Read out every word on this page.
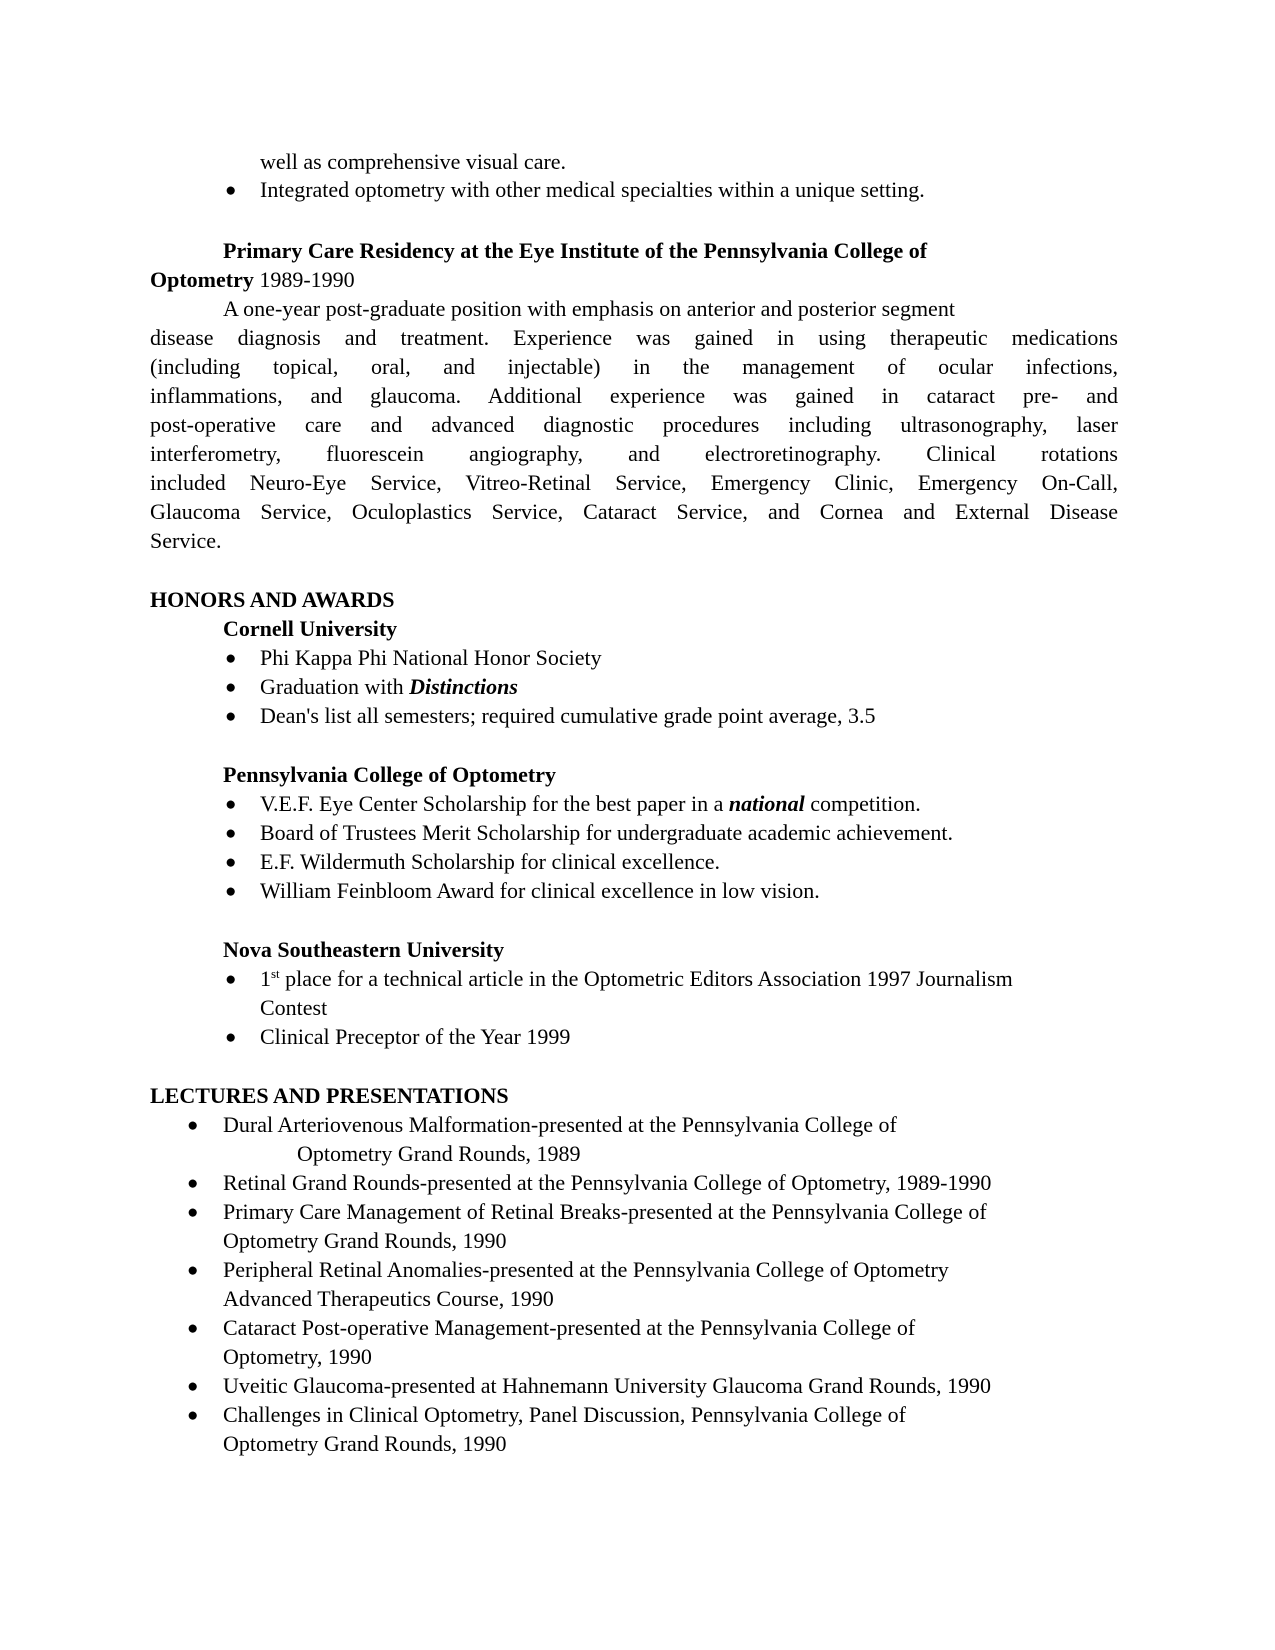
well as comprehensive visual care.
● Integrated optometry with other medical specialties within a unique setting.
Primary Care Residency at the Eye Institute of the Pennsylvania College of
Optometry 1989-1990
A one-year post-graduate position with emphasis on anterior and posterior segment
disease diagnosis and treatment. Experience was gained in using therapeutic medications
(including topical, oral, and injectable) in the management of ocular infections,
inflammations, and glaucoma. Additional experience was gained in cataract pre- and
post-operative care and advanced diagnostic procedures including ultrasonography, laser
interferometry, fluorescein angiography, and electroretinography. Clinical rotations
included Neuro-Eye Service, Vitreo-Retinal Service, Emergency Clinic, Emergency On-Call,
Glaucoma Service, Oculoplastics Service, Cataract Service, and Cornea and External Disease
Service.
HONORS AND AWARDS
Cornell University
● Phi Kappa Phi National Honor Society
● Graduation with Distinctions
● Dean's list all semesters; required cumulative grade point average, 3.5
Pennsylvania College of Optometry
● V.E.F. Eye Center Scholarship for the best paper in a national competition.
● Board of Trustees Merit Scholarship for undergraduate academic achievement.
● E.F. Wildermuth Scholarship for clinical excellence.
● William Feinbloom Award for clinical excellence in low vision.
Nova Southeastern University
● 1st place for a technical article in the Optometric Editors Association 1997 Journalism
Contest
● Clinical Preceptor of the Year 1999
LECTURES AND PRESENTATIONS
● Dural Arteriovenous Malformation-presented at the Pennsylvania College of
Optometry Grand Rounds, 1989
● Retinal Grand Rounds-presented at the Pennsylvania College of Optometry, 1989-1990
● Primary Care Management of Retinal Breaks-presented at the Pennsylvania College of
Optometry Grand Rounds, 1990
● Peripheral Retinal Anomalies-presented at the Pennsylvania College of Optometry
Advanced Therapeutics Course, 1990
● Cataract Post-operative Management-presented at the Pennsylvania College of
Optometry, 1990
● Uveitic Glaucoma-presented at Hahnemann University Glaucoma Grand Rounds, 1990
● Challenges in Clinical Optometry, Panel Discussion, Pennsylvania College of
Optometry Grand Rounds, 1990
